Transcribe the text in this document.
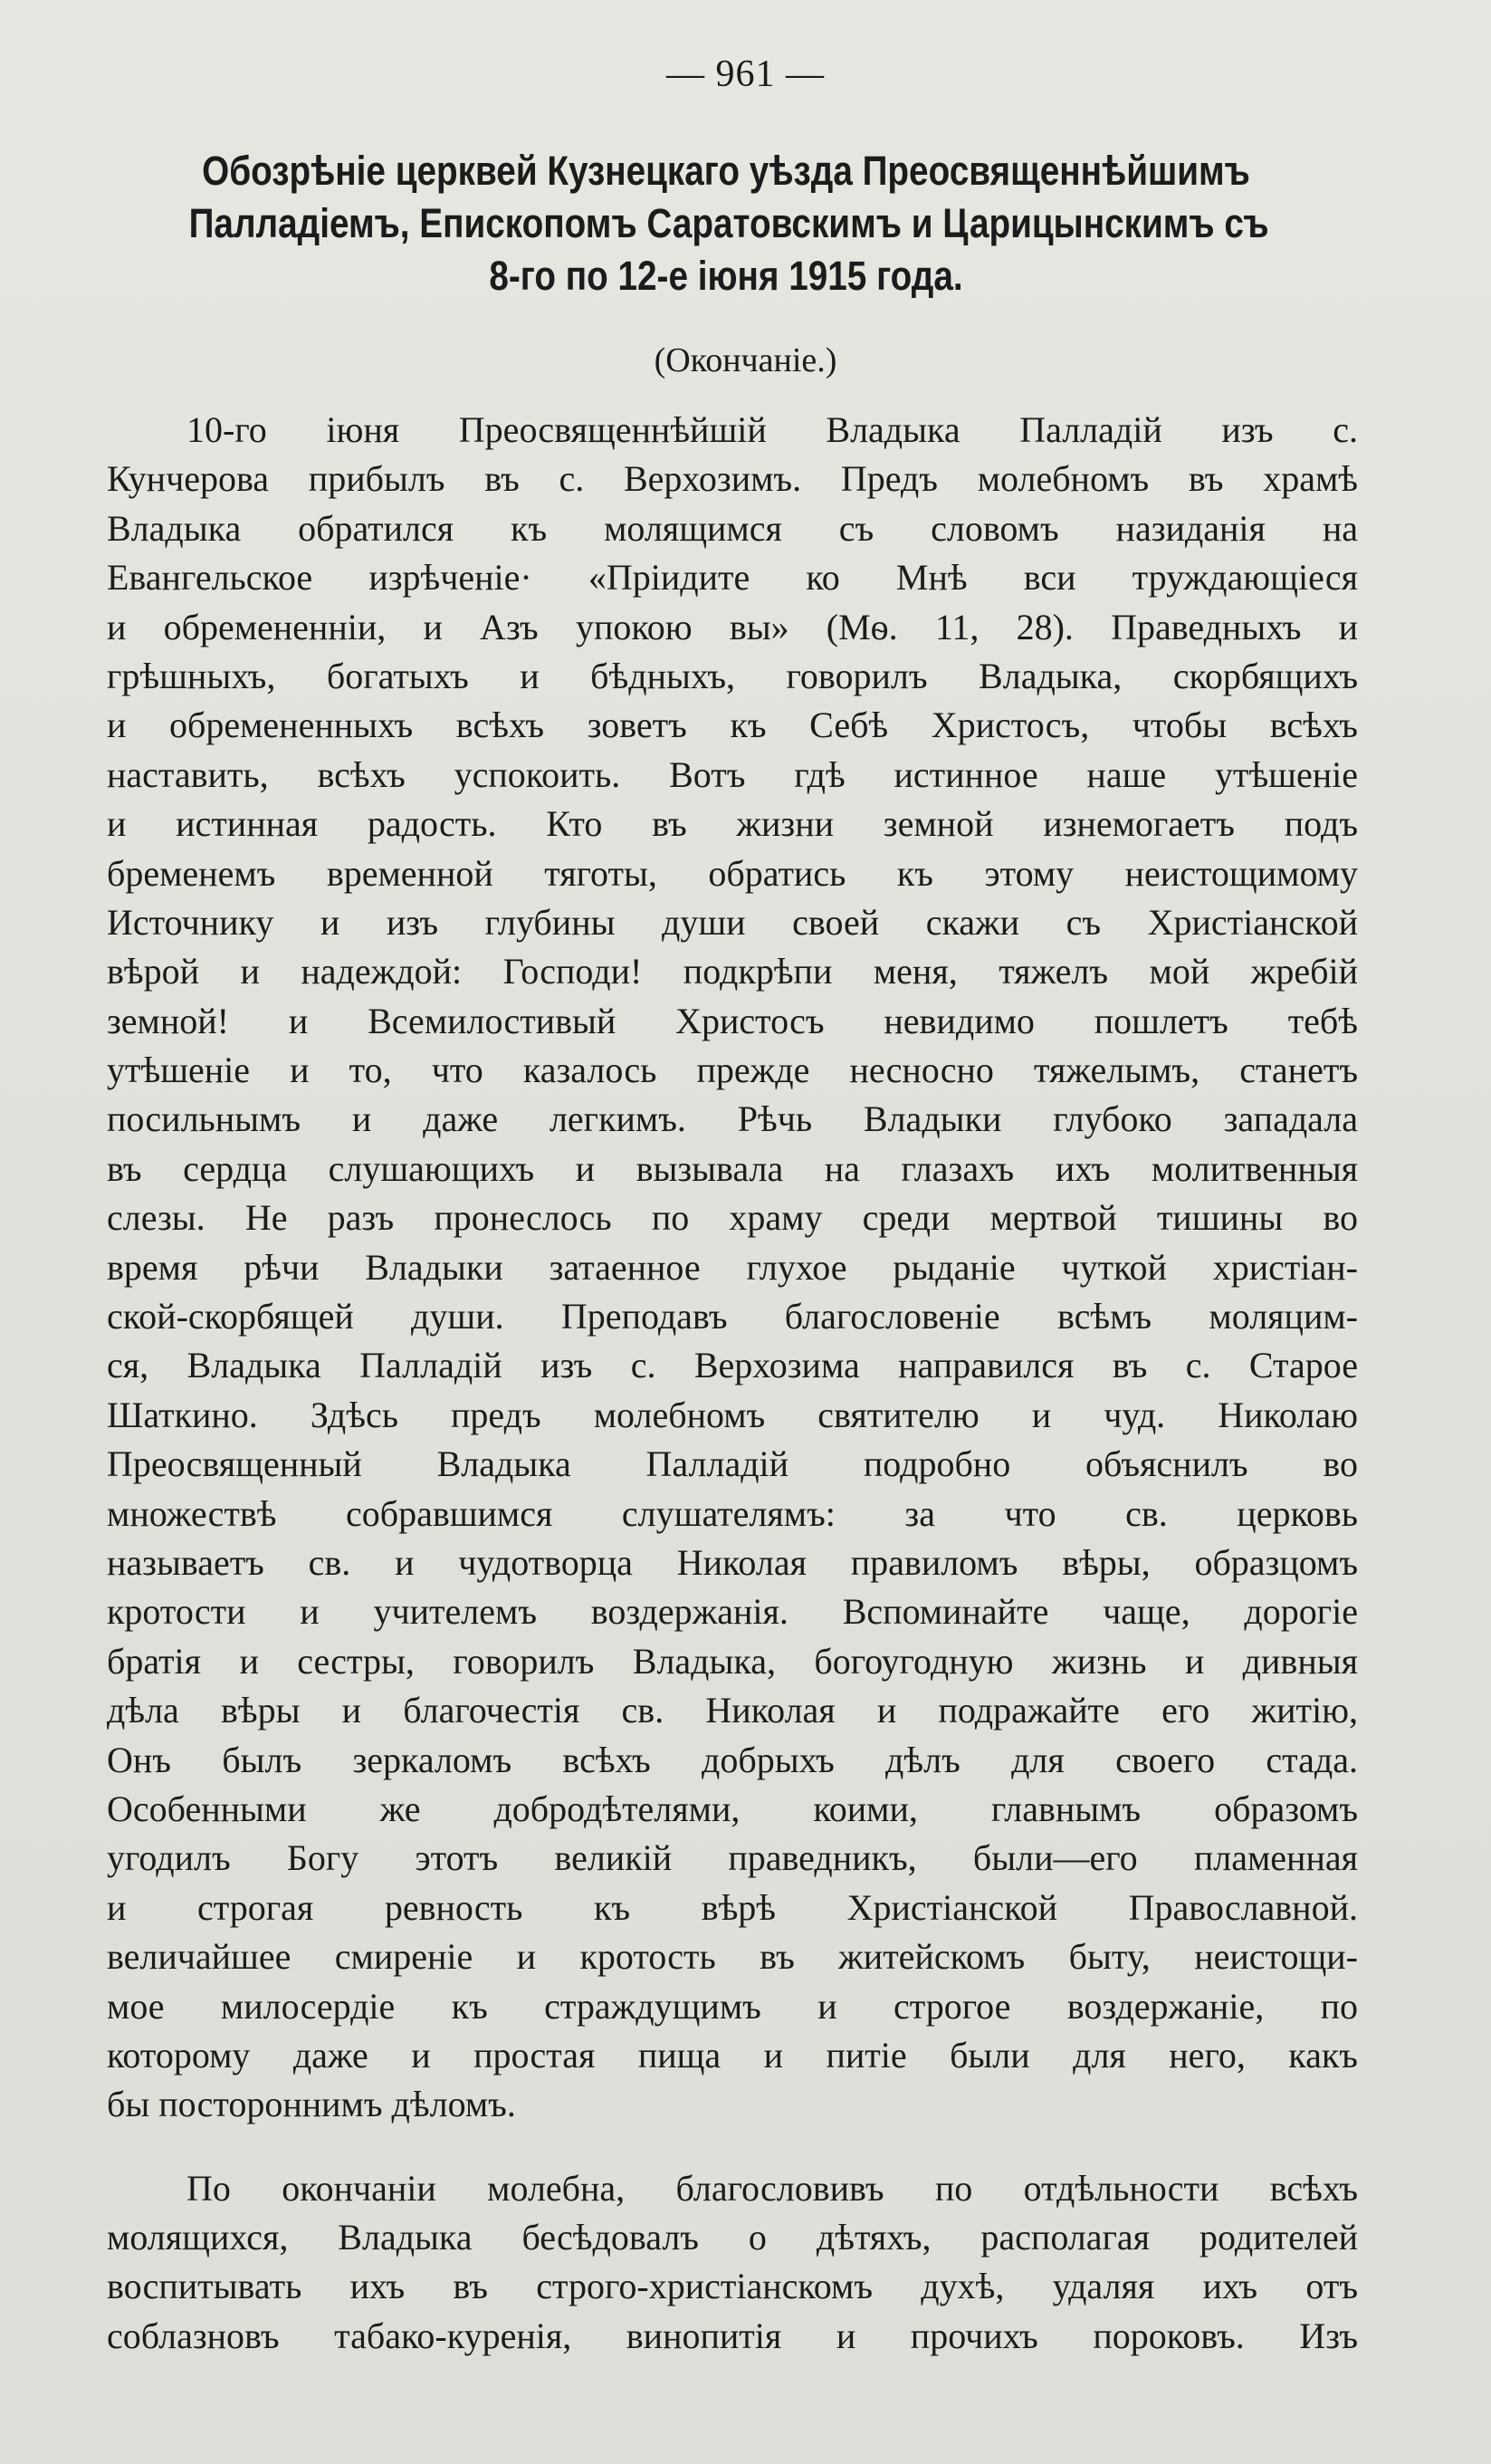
— 961 —
Обозрѣніе церквей Кузнецкаго уѣзда Преосвященнѣйшимъ
Палладіемъ, Епископомъ Саратовскимъ и Царицынскимъ съ
8-го по 12-е іюня 1915 года.
(Окончаніе.)
10-го іюня Преосвященнѣйшій Владыка Палладій изъ с.
Кунчерова прибылъ въ с. Верхозимъ. Предъ молебномъ въ храмѣ
Владыка обратился къ молящимся съ словомъ назиданія на
Евангельское изрѣченіе· «Пріидите ко Мнѣ вси труждающіеся
и обремененніи, и Азъ упокою вы» (Мѳ. 11, 28). Праведныхъ и
грѣшныхъ, богатыхъ и бѣдныхъ, говорилъ Владыка, скорбящихъ
и обремененныхъ всѣхъ зоветъ къ Себѣ Христосъ, чтобы всѣхъ
наставить, всѣхъ успокоить. Вотъ гдѣ истинное наше утѣшеніе
и истинная радость. Кто въ жизни земной изнемогаетъ подъ
бременемъ временной тяготы, обратись къ этому неистощимому
Источнику и изъ глубины души своей скажи съ Христіанской
вѣрой и надеждой: Господи! подкрѣпи меня, тяжелъ мой жребій
земной! и Всемилостивый Христосъ невидимо пошлетъ тебѣ
утѣшеніе и то, что казалось прежде несносно тяжелымъ, станетъ
посильнымъ и даже легкимъ. Рѣчь Владыки глубоко западала
въ сердца слушающихъ и вызывала на глазахъ ихъ молитвенныя
слезы. Не разъ пронеслось по храму среди мертвой тишины во
время рѣчи Владыки затаенное глухое рыданіе чуткой христіан-
ской-скорбящей души. Преподавъ благословеніе всѣмъ моляцим-
ся, Владыка Палладій изъ с. Верхозима направился въ с. Старое
Шаткино. Здѣсь предъ молебномъ святителю и чуд. Николаю
Преосвященный Владыка Палладій подробно объяснилъ во
множествѣ собравшимся слушателямъ: за что св. церковь
называетъ св. и чудотворца Николая правиломъ вѣры, образцомъ
кротости и учителемъ воздержанія. Вспоминайте чаще, дорогіе
братія и сестры, говорилъ Владыка, богоугодную жизнь и дивныя
дѣла вѣры и благочестія св. Николая и подражайте его житію,
Онъ былъ зеркаломъ всѣхъ добрыхъ дѣлъ для своего стада.
Особенными же добродѣтелями, коими, главнымъ образомъ
угодилъ Богу этотъ великій праведникъ, были—его пламенная
и строгая ревность къ вѣрѣ Христіанской Православной.
величайшее смиреніе и кротость въ житейскомъ быту, неистощи-
мое милосердіе къ страждущимъ и строгое воздержаніе, по
которому даже и простая пища и питіе были для него, какъ
бы постороннимъ дѣломъ.
По окончаніи молебна, благословивъ по отдѣльности всѣхъ
молящихся, Владыка бесѣдовалъ о дѣтяхъ, располагая родителей
воспитывать ихъ въ строго-христіанскомъ духѣ, удаляя ихъ отъ
соблазновъ табако-куренія, винопитія и прочихъ пороковъ. Изъ
